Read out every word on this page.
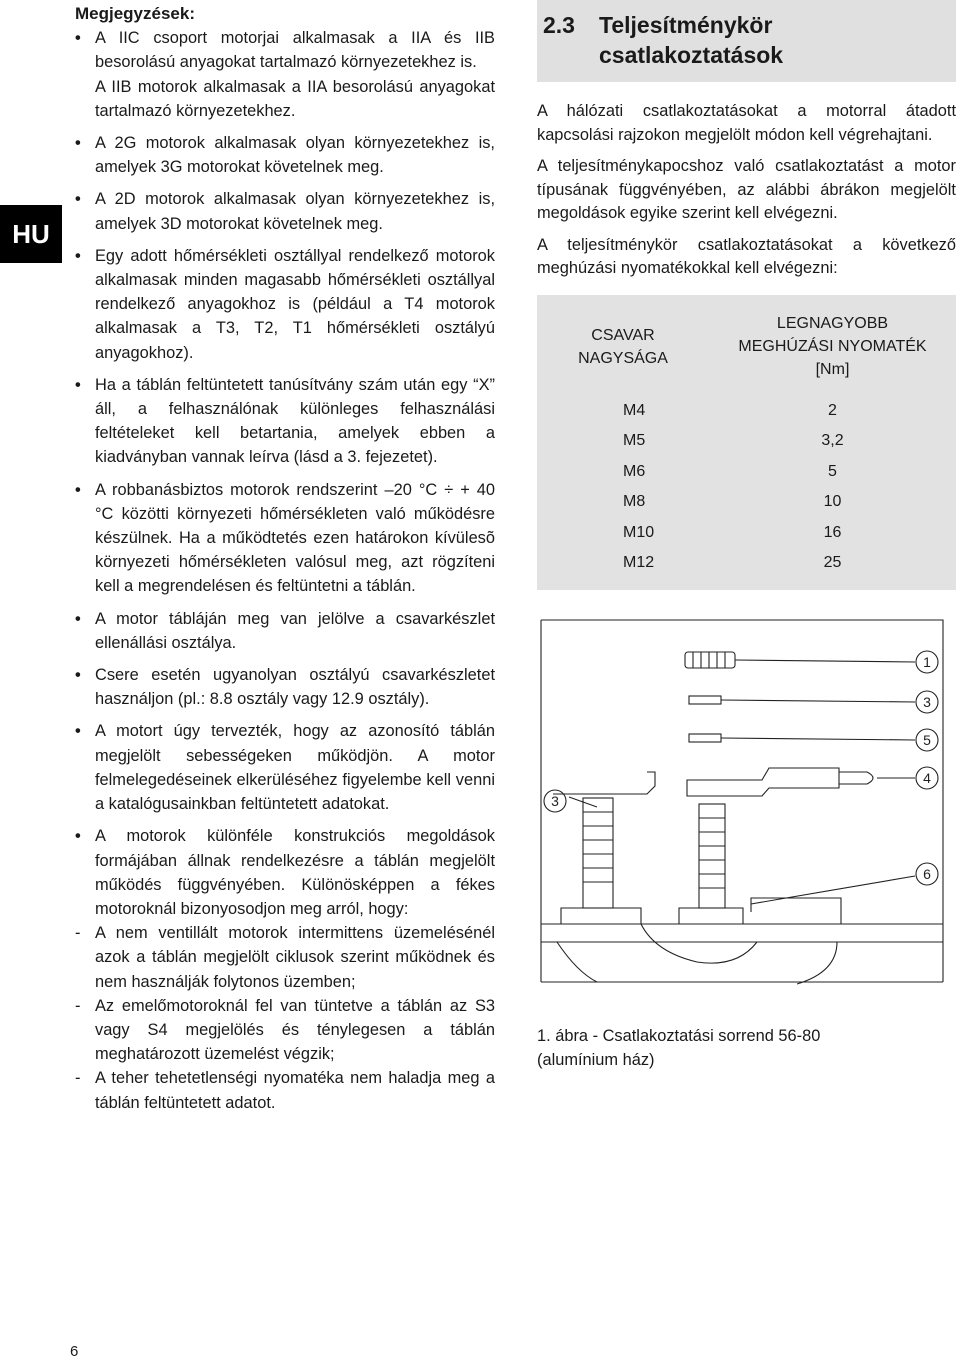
HU
Megjegyzések:
• A IIC csoport motorjai alkalmasak a IIA és IIB besorolású anyagokat tartalmazó környezetekhez is.

A IIB motorok alkalmasak a IIA besorolású anyagokat tartalmazó környezetekhez.

• A 2G motorok alkalmasak olyan környezetekhez is, amelyek 3G motorokat követelnek meg.

• A 2D motorok alkalmasak olyan környezetekhez is, amelyek 3D motorokat követelnek meg.

• Egy adott hőmérsékleti osztállyal rendelkező motorok alkalmasak minden magasabb hőmérsékleti osztállyal rendelkező anyagokhoz is (például a T4 motorok alkalmasak a T3, T2, T1 hőmérsékleti osztályú anyagokhoz).

• Ha a táblán feltüntetett tanúsítvány szám után egy “X” áll, a felhasználónak különleges felhasználási feltételeket kell betartania, amelyek ebben a kiadványban vannak leírva (lásd a 3. fejezetet).

• A robbanásbiztos motorok rendszerint –20 °C ÷ + 40 °C közötti környezeti hőmérsékleten való működésre készülnek. Ha a működtetés ezen határokon kívülesõ környezeti hőmérsékleten valósul meg, azt rögzíteni kell a megrendelésen és feltüntetni a táblán.

• A motor tábláján meg van jelölve a csavarkészlet ellenállási osztálya.

• Csere esetén ugyanolyan osztályú csavarkészletet használjon (pl.: 8.8 osztály vagy 12.9 osztály).

• A motort úgy tervezték, hogy az azonosító táblán megjelölt sebességeken működjön. A motor felmelegedéseinek elkerüléséhez figyelembe kell venni a katalógusainkban feltüntetett adatokat.

• A motorok különféle konstrukciós megoldások formájában állnak rendelkezésre a táblán megjelölt működés függvényében. Különösképpen a fékes motoroknál bizonyosodjon meg arról, hogy:

- A nem ventillált motorok intermittens üzemelésénél azok a táblán megjelölt ciklusok szerint működnek és nem használják folytonos üzemben;
- Az emelőmotoroknál fel van tüntetve a táblán az S3 vagy S4 megjelölés és ténylegesen a táblán meghatározott üzemelést végzik;
- A teher tehetetlenségi nyomatéka nem haladja meg a táblán feltüntetett adatot.
2.3 Teljesítménykör
csatlakoztatások

A hálózati csatlakoztatásokat a motorral átadott kapcsolási rajzokon megjelölt módon kell végrehajtani.

A teljesítménykapocshoz való csatlakoztatást a motor típusának függvényében, az alábbi ábrákon megjelölt megoldások egyike szerint kell elvégezni.

A teljesítménykör csatlakoztatásokat a következő meghúzási nyomatékokkal kell elvégezni:

CSAVAR
NAGYSÁGA	LEGNAGYOBB
MEGHÚZÁSI NYOMATÉK
[Nm]
M4	2
M5	3,2
M6	5
M8	10
M10	16
M12	25
1
3
5
4
3
6
1. ábra - Csatlakoztatási sorrend 56-80
(alumínium ház)
6
